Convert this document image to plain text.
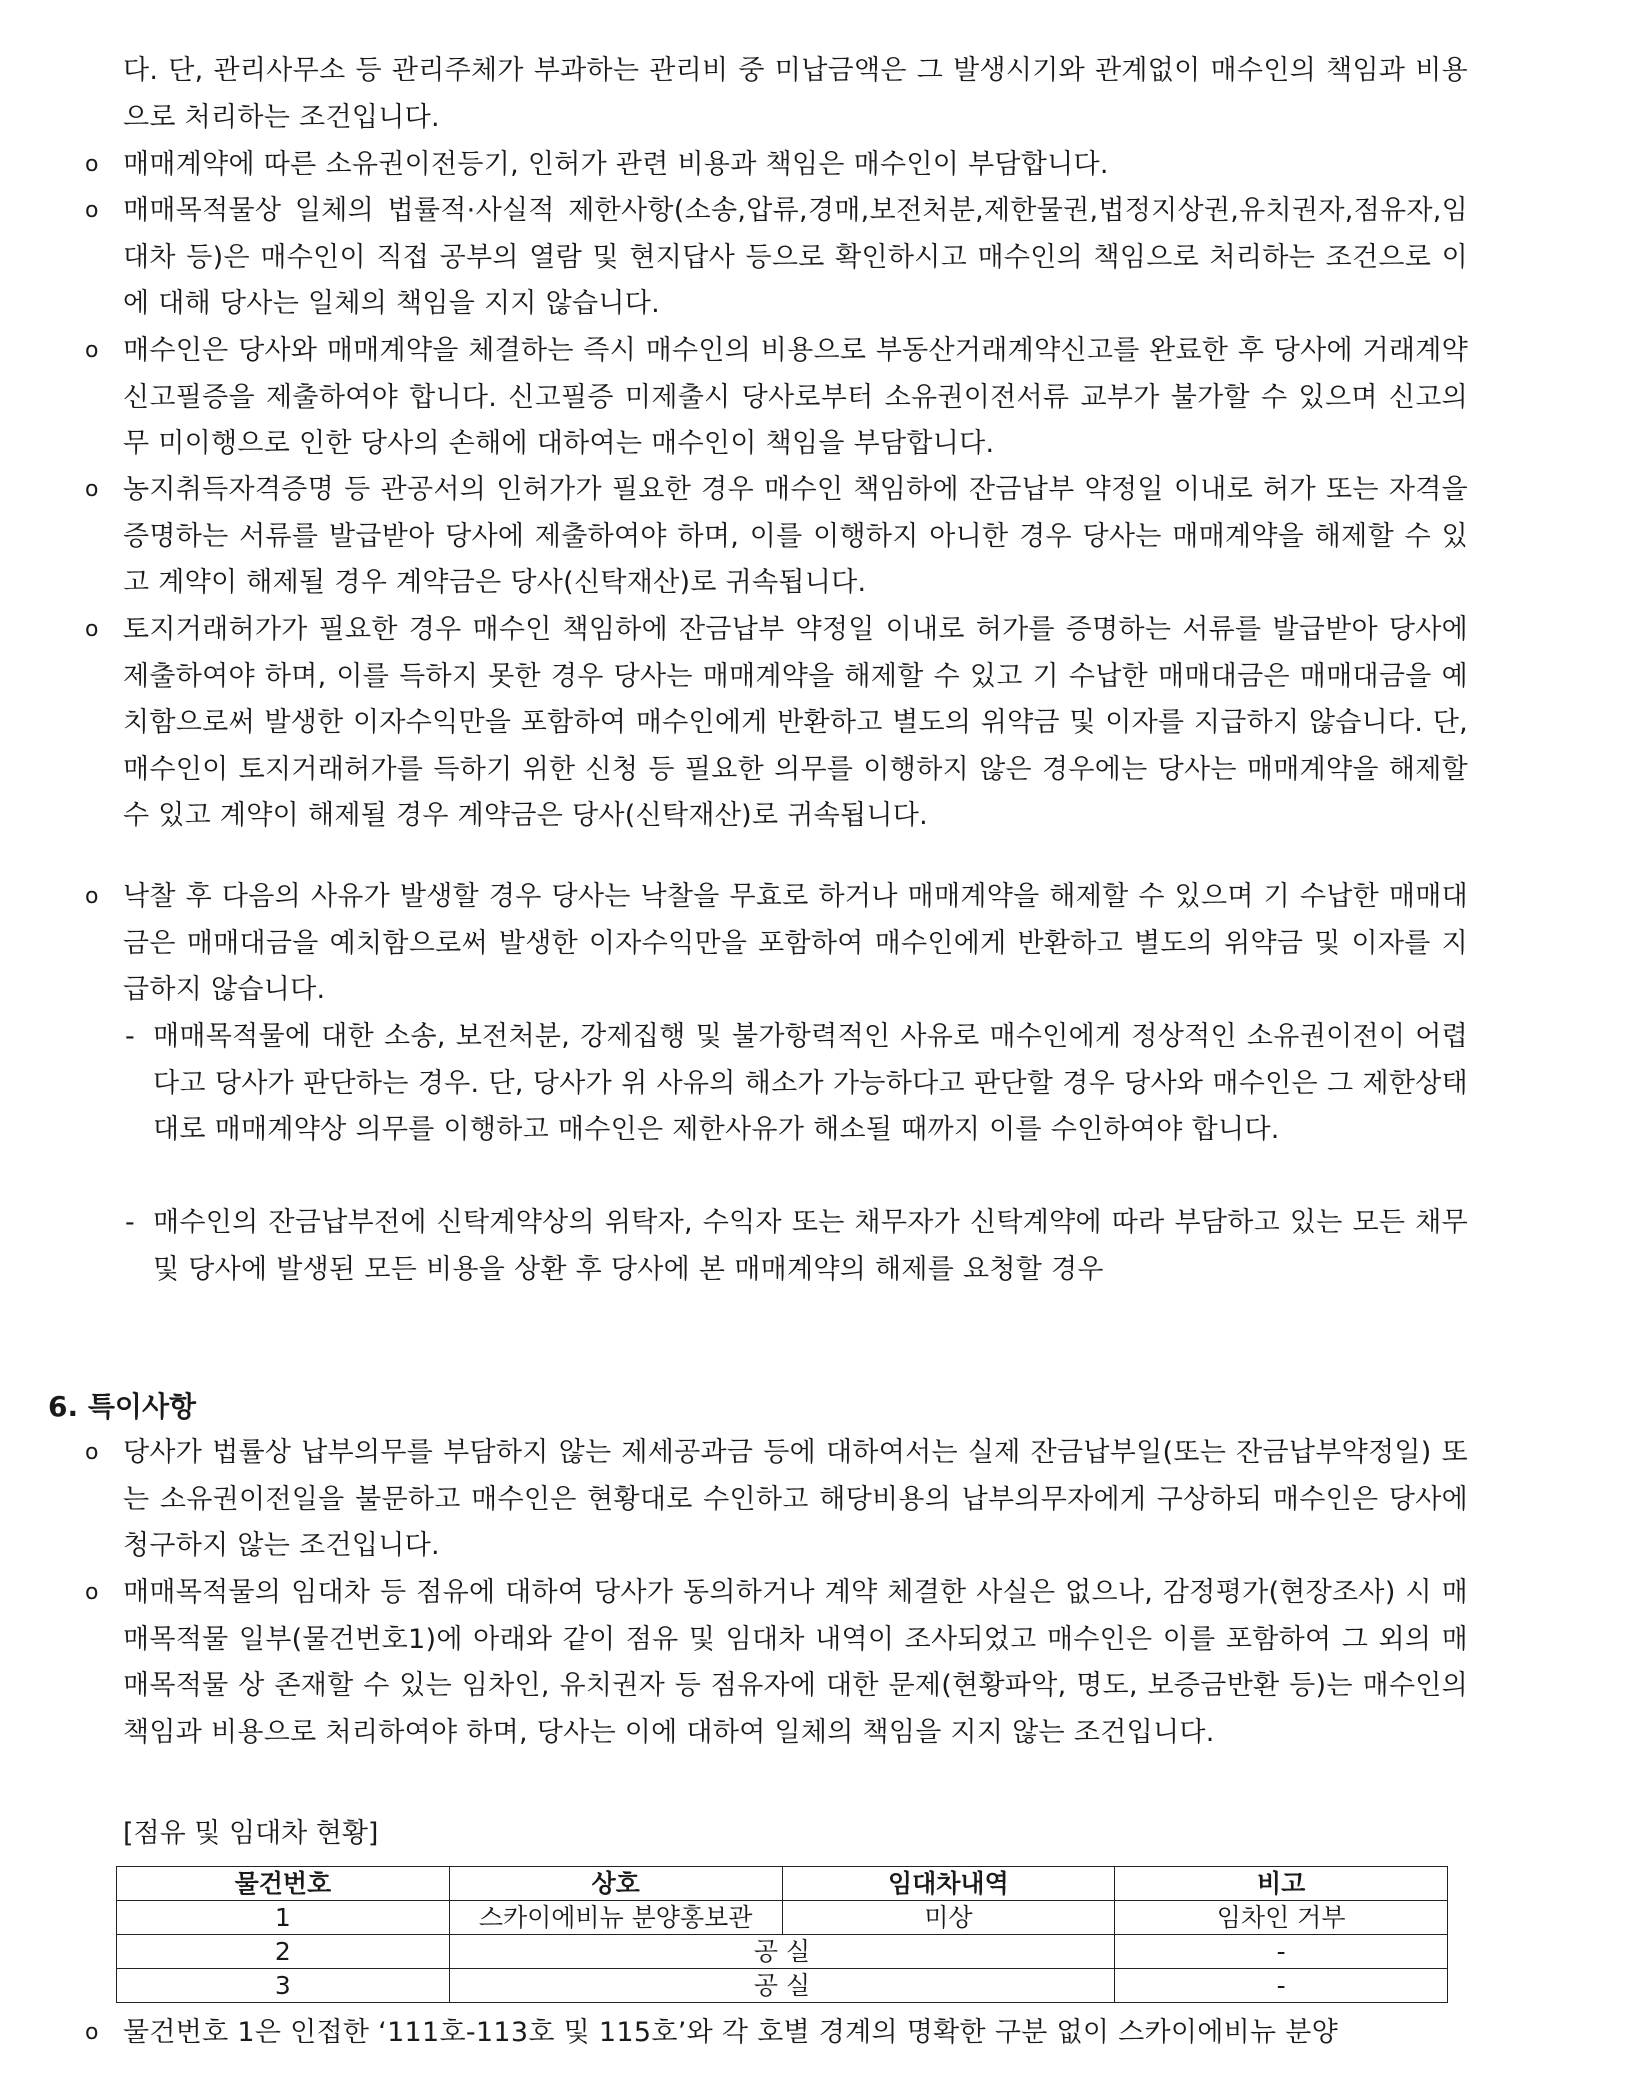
다. 단, 관리사무소 등 관리주체가 부과하는 관리비 중 미납금액은 그 발생시기와 관계없이 매수인의 책임과 비용으로 처리하는 조건입니다.

o 매매계약에 따른 소유권이전등기, 인허가 관련 비용과 책임은 매수인이 부담합니다.
o 매매목적물상 일체의 법률적·사실적 제한사항(소송,압류,경매,보전처분,제한물권,법정지상권,유치권자,점유자,임대차 등)은 매수인이 직접 공부의 열람 및 현지답사 등으로 확인하시고 매수인의 책임으로 처리하는 조건으로 이에 대해 당사는 일체의 책임을 지지 않습니다.
o 매수인은 당사와 매매계약을 체결하는 즉시 매수인의 비용으로 부동산거래계약신고를 완료한 후 당사에 거래계약신고필증을 제출하여야 합니다. 신고필증 미제출시 당사로부터 소유권이전서류 교부가 불가할 수 있으며 신고의무 미이행으로 인한 당사의 손해에 대하여는 매수인이 책임을 부담합니다.
o 농지취득자격증명 등 관공서의 인허가가 필요한 경우 매수인 책임하에 잔금납부 약정일 이내로 허가 또는 자격을 증명하는 서류를 발급받아 당사에 제출하여야 하며, 이를 이행하지 아니한 경우 당사는 매매계약을 해제할 수 있고 계약이 해제될 경우 계약금은 당사(신탁재산)로 귀속됩니다.
o 토지거래허가가 필요한 경우 매수인 책임하에 잔금납부 약정일 이내로 허가를 증명하는 서류를 발급받아 당사에 제출하여야 하며, 이를 득하지 못한 경우 당사는 매매계약을 해제할 수 있고 기 수납한 매매대금은 매매대금을 예치함으로써 발생한 이자수익만을 포함하여 매수인에게 반환하고 별도의 위약금 및 이자를 지급하지 않습니다. 단, 매수인이 토지거래허가를 득하기 위한 신청 등 필요한 의무를 이행하지 않은 경우에는 당사는 매매계약을 해제할 수 있고 계약이 해제될 경우 계약금은 당사(신탁재산)로 귀속됩니다.
o 낙찰 후 다음의 사유가 발생할 경우 당사는 낙찰을 무효로 하거나 매매계약을 해제할 수 있으며 기 수납한 매매대금은 매매대금을 예치함으로써 발생한 이자수익만을 포함하여 매수인에게 반환하고 별도의 위약금 및 이자를 지급하지 않습니다.
- 매매목적물에 대한 소송, 보전처분, 강제집행 및 불가항력적인 사유로 매수인에게 정상적인 소유권이전이 어렵다고 당사가 판단하는 경우. 단, 당사가 위 사유의 해소가 가능하다고 판단할 경우 당사와 매수인은 그 제한상태대로 매매계약상 의무를 이행하고 매수인은 제한사유가 해소될 때까지 이를 수인하여야 합니다.
- 매수인의 잔금납부전에 신탁계약상의 위탁자, 수익자 또는 채무자가 신탁계약에 따라 부담하고 있는 모든 채무 및 당사에 발생된 모든 비용을 상환 후 당사에 본 매매계약의 해제를 요청할 경우
6. 특이사항
o 당사가 법률상 납부의무를 부담하지 않는 제세공과금 등에 대하여서는 실제 잔금납부일(또는 잔금납부약정일) 또는 소유권이전일을 불문하고 매수인은 현황대로 수인하고 해당비용의 납부의무자에게 구상하되 매수인은 당사에 청구하지 않는 조건입니다.
o 매매목적물의 임대차 등 점유에 대하여 당사가 동의하거나 계약 체결한 사실은 없으나, 감정평가(현장조사) 시 매매목적물 일부(물건번호1)에 아래와 같이 점유 및 임대차 내역이 조사되었고 매수인은 이를 포함하여 그 외의 매매목적물 상 존재할 수 있는 임차인, 유치권자 등 점유자에 대한 문제(현황파악, 명도, 보증금반환 등)는 매수인의 책임과 비용으로 처리하여야 하며, 당사는 이에 대하여 일체의 책임을 지지 않는 조건입니다.

[점유 및 임대차 현황]

물건번호	상호	임대차내역	비고
1	스카이에비뉴 분양홍보관	미상	임차인 거부
2	공 실		-
3	공 실		-
o 물건번호 1은 인접한 ‘111호-113호 및 115호’와 각 호별 경계의 명확한 구분 없이 스카이에비뉴 분양
